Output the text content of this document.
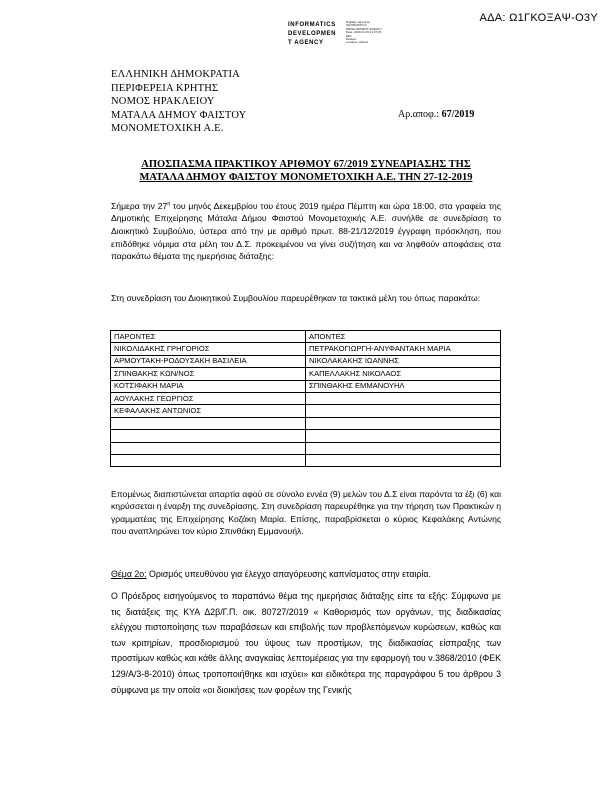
ΑΔΑ: Ω1ΓΚΟΞΑΨ-Ο3Υ
INFORMATICS
DEVELOPMEN
T AGENCY
Digitally signed by
INFORMATICS
DEVELOPMENT AGENCY
Date: 2020.01.09 11:37:25
EET
Reason:
Location: Athens
ΕΛΛΗΝΙΚΗ ΔΗΜΟΚΡΑΤΙΑ
ΠΕΡΙΦΕΡΕΙΑ ΚΡΗΤΗΣ
ΝΟΜΟΣ ΗΡΑΚΛΕΙΟΥ
ΜΑΤΑΛΑ ΔΗΜΟΥ ΦΑΙΣΤΟΥ
ΜΟΝΟΜΕΤΟΧΙΚΗ Α.Ε.
Αρ.αποφ.: 67/2019
ΑΠΟΣΠΑΣΜΑ ΠΡΑΚΤΙΚΟΥ ΑΡΙΘΜΟΥ 67/2019 ΣΥΝΕΔΡΙΑΣΗΣ ΤΗΣ
ΜΑΤΑΛΑ ΔΗΜΟΥ ΦΑΙΣΤΟΥ ΜΟΝΟΜΕΤΟΧΙΚΗ Α.Ε. ΤΗΝ 27-12-2019
Σήμερα την $27^\eta$ του μηνός Δεκεμβρίου του έτους 2019 ημέρα Πέμπτη και ώρα 18:00, στα γραφεία της Δημοτικής Επιχείρησης Μάταλα Δήμου Φαιστού Μονομετοχικής Α.Ε. συνήλθε σε συνεδρίαση το Διοικητικό Συμβούλιο, ύστερα από την με αριθμό πρωτ. 88-21/12/2019 έγγραφη πρόσκληση, που επιδόθηκε νόμιμα στα μέλη του Δ.Σ. προκειμένου να γίνει συζήτηση και να ληφθούν αποφάσεις στα παρακάτω θέματα της ημερήσιας διάταξης:
Στη συνεδρίαση του Διοικητικού Συμβουλίου παρευρέθηκαν τα τακτικά μέλη του όπως παρακάτω:
ΠΑΡΟΝΤΕΣ	ΑΠΟΝΤΕΣ
ΝΙΚΟΛΙΔΑΚΗΣ ΓΡΗΓΟΡΙΟΣ	ΠΕΤΡΑΚΟΓΙΩΡΓΗ-ΑΝΥΦΑΝΤΑΚΗ ΜΑΡΙΑ
ΑΡΜΟΥΤΑΚΗ-ΡΟΔΟΥΣΑΚΗ ΒΑΣΙΛΕΙΑ	ΝΙΚΟΛΑΚΑΚΗΣ ΙΩΑΝΝΗΣ
ΣΠΙΝΘΑΚΗΣ ΚΩΝ/ΝΟΣ	ΚΑΠΕΛΛΑΚΗΣ ΝΙΚΟΛΑΟΣ
ΚΟΤΣΙΦΑΚΗ ΜΑΡΙΑ	ΣΠΙΝΘΑΚΗΣ ΕΜΜΑΝΟΥΗΛ
ΑΟΥΛΑΚΗΣ ΓΕΩΡΓΙΟΣ	
ΚΕΦΑΛΑΚΗΣ ΑΝΤΩΝΙΟΣ	

Επομένως διαπιστώνεται απαρτία αφού σε σύνολο εννέα (9) μελών του Δ.Σ είναι παρόντα τα έξι (6) και κηρύσσεται η έναρξη της συνεδρίασης. Στη συνεδρίαση παρευρέθηκε για την τήρηση των Πρακτικών η γραμματέας της Επιχείρησης Κοζάκη Μαρία. Επίσης, παραβρίσκεται ο κύριος Κεφαλάκης Αντώνης που αναπληρώνει τον κύριο Σπινθάκη Εμμανουήλ.
Θέμα 2ο: Ορισμός υπευθύνου για έλεγχο απαγόρευσης καπνίσματος στην εταιρία.
Ο Πρόεδρος εισηγούμενος το παραπάνω θέμα της ημερήσιας διάταξης είπε τα εξής: Σύμφωνα με τις διατάξεις της ΚΥΑ Δ2β/Γ.Π. οικ. 80727/2019 « Καθορισμός των οργάνων, της διαδικασίας ελέγχου πιστοποίησης των παραβάσεων και επιβολής των προβλεπόμενων κυρώσεων, καθώς και των κριτηρίων, προσδιορισμού του ύψους των προστίμων, της διαδικασίας είσπραξης των προστίμων καθώς και κάθε άλλης αναγκαίας λεπτομέρειας για την εφαρμογή του ν.3868/2010 (ΦΕΚ 129/Α/3-8-2010) όπως τροποποιήθηκε και ισχύει» και ειδικότερα της παραγράφου 5 του άρθρου 3 σύμφωνα με την οποία «οι διοικήσεις των φορέων της Γενικής
